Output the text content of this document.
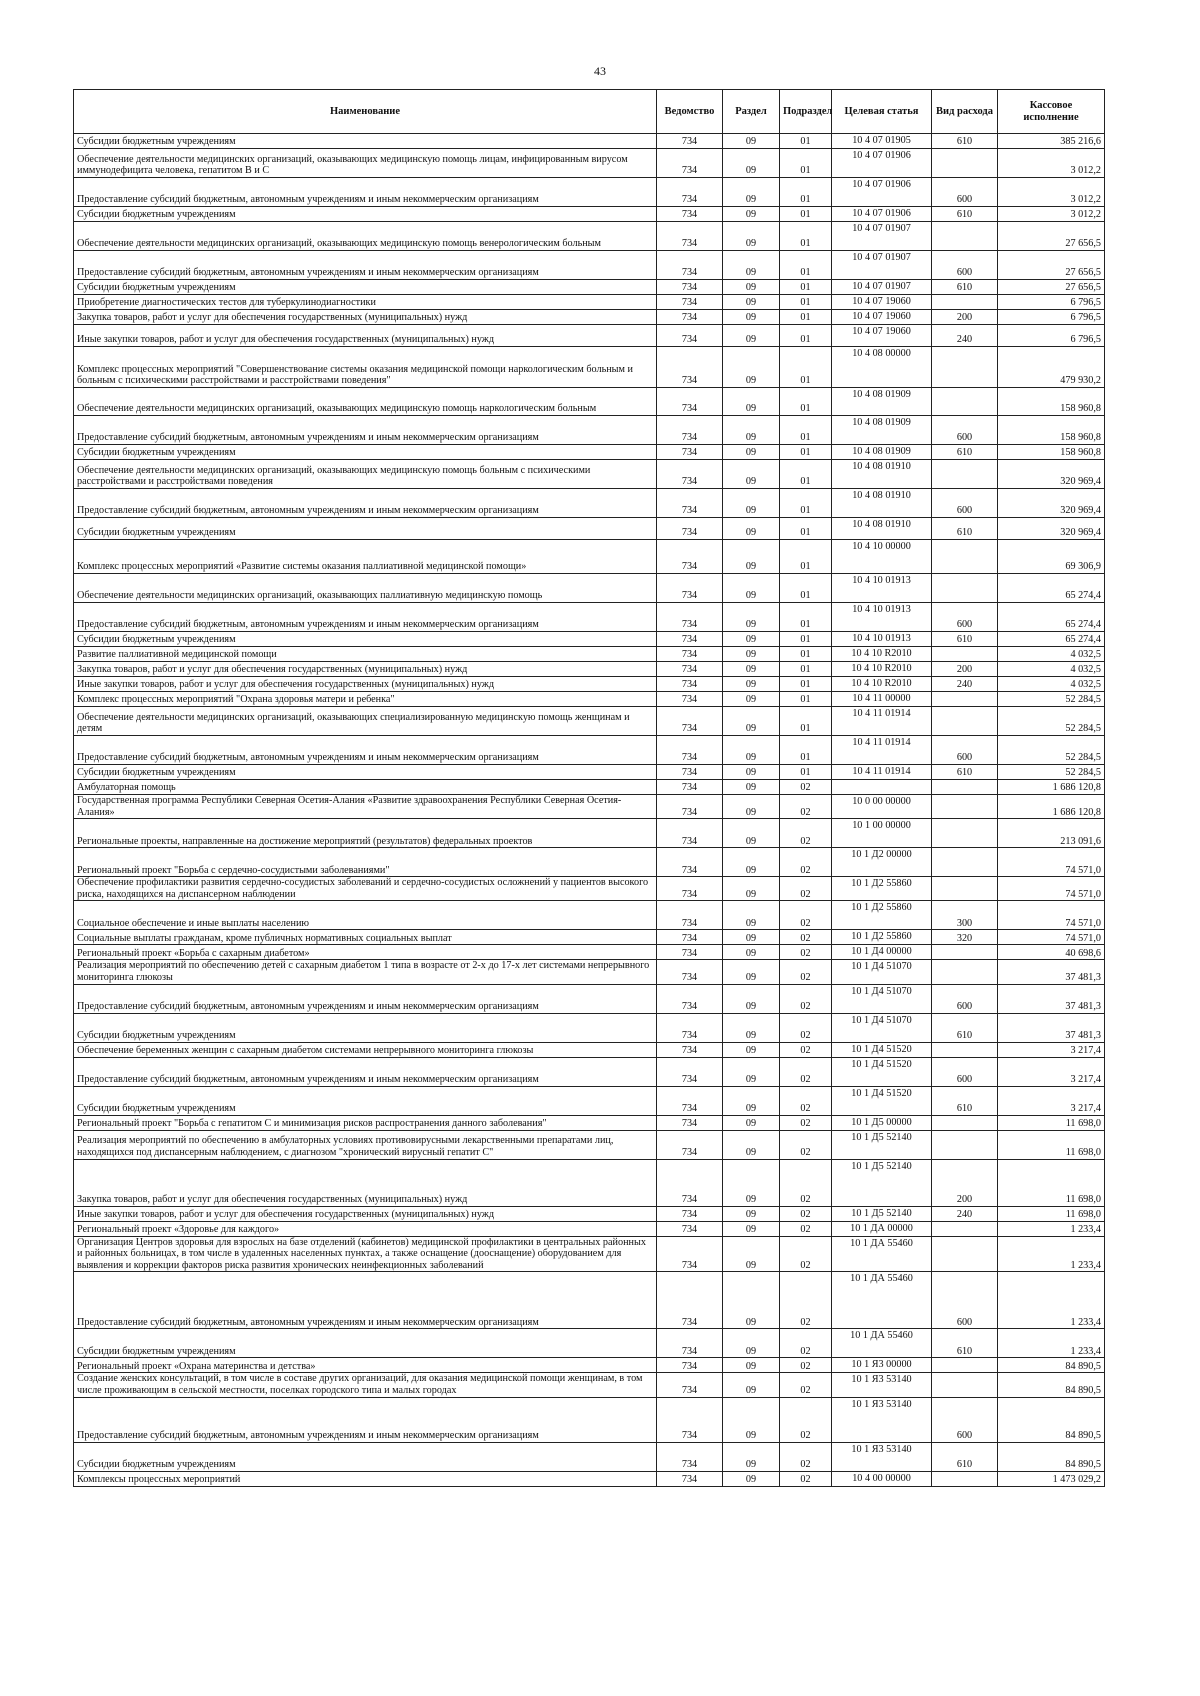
43
Наименование	Ведомство	Раздел	Подраздел	Целевая статья	Вид расхода	Кассовое исполнение
Субсидии бюджетным учреждениям	734	09	01	10 4 07 01905	610	385 216,6
Обеспечение деятельности медицинских организаций, оказывающих медицинскую помощь лицам, инфицированным вирусом иммунодефицита человека, гепатитом В и С	734	09	01	10 4 07 01906		3 012,2
Предоставление субсидий бюджетным, автономным учреждениям и иным некоммерческим организациям	734	09	01	10 4 07 01906	600	3 012,2
Субсидии бюджетным учреждениям	734	09	01	10 4 07 01906	610	3 012,2
Обеспечение деятельности медицинских организаций, оказывающих медицинскую помощь венерологическим больным	734	09	01	10 4 07 01907		27 656,5
Предоставление субсидий бюджетным, автономным учреждениям и иным некоммерческим организациям	734	09	01	10 4 07 01907	600	27 656,5
Субсидии бюджетным учреждениям	734	09	01	10 4 07 01907	610	27 656,5
Приобретение диагностических тестов для туберкулинодиагностики	734	09	01	10 4 07 19060		6 796,5
Закупка товаров, работ и услуг для обеспечения государственных (муниципальных) нужд	734	09	01	10 4 07 19060	200	6 796,5
Иные закупки товаров, работ и услуг для обеспечения государственных (муниципальных) нужд	734	09	01	10 4 07 19060	240	6 796,5
Комплекс процессных мероприятий "Совершенствование системы оказания медицинской помощи наркологическим больным и больным с психическими расстройствами и расстройствами поведения"	734	09	01	10 4 08 00000		479 930,2
Обеспечение деятельности медицинских организаций, оказывающих медицинскую помощь наркологическим больным	734	09	01	10 4 08 01909		158 960,8
Предоставление субсидий бюджетным, автономным учреждениям и иным некоммерческим организациям	734	09	01	10 4 08 01909	600	158 960,8
Субсидии бюджетным учреждениям	734	09	01	10 4 08 01909	610	158 960,8
Обеспечение деятельности медицинских организаций, оказывающих медицинскую помощь больным с психическими расстройствами и расстройствами поведения	734	09	01	10 4 08 01910		320 969,4
Предоставление субсидий бюджетным, автономным учреждениям и иным некоммерческим организациям	734	09	01	10 4 08 01910	600	320 969,4
Субсидии бюджетным учреждениям	734	09	01	10 4 08 01910	610	320 969,4
Комплекс процессных мероприятий «Развитие системы оказания паллиативной медицинской помощи»	734	09	01	10 4 10 00000		69 306,9
Обеспечение деятельности медицинских организаций, оказывающих паллиативную медицинскую помощь	734	09	01	10 4 10 01913		65 274,4
Предоставление субсидий бюджетным, автономным учреждениям и иным некоммерческим организациям	734	09	01	10 4 10 01913	600	65 274,4
Субсидии бюджетным учреждениям	734	09	01	10 4 10 01913	610	65 274,4
Развитие паллиативной медицинской помощи	734	09	01	10 4 10 R2010		4 032,5
Закупка товаров, работ и услуг для обеспечения государственных (муниципальных) нужд	734	09	01	10 4 10 R2010	200	4 032,5
Иные закупки товаров, работ и услуг для обеспечения государственных (муниципальных) нужд	734	09	01	10 4 10 R2010	240	4 032,5
Комплекс процессных мероприятий "Охрана здоровья матери и ребенка"	734	09	01	10 4 11 00000		52 284,5
Обеспечение деятельности медицинских организаций, оказывающих специализированную медицинскую помощь женщинам и детям	734	09	01	10 4 11 01914		52 284,5
Предоставление субсидий бюджетным, автономным учреждениям и иным некоммерческим организациям	734	09	01	10 4 11 01914	600	52 284,5
Субсидии бюджетным учреждениям	734	09	01	10 4 11 01914	610	52 284,5
Амбулаторная помощь	734	09	02			1 686 120,8
Государственная программа Республики Северная Осетия-Алания «Развитие здравоохранения Республики Северная Осетия-Алания»	734	09	02	10 0 00 00000		1 686 120,8
Региональные проекты, направленные на достижение мероприятий (результатов) федеральных проектов	734	09	02	10 1 00 00000		213 091,6
Региональный проект "Борьба с сердечно-сосудистыми заболеваниями"	734	09	02	10 1 Д2 00000		74 571,0
Обеспечение профилактики развития сердечно-сосудистых заболеваний и сердечно-сосудистых осложнений у пациентов высокого риска, находящихся на диспансерном наблюдении	734	09	02	10 1 Д2 55860		74 571,0
Социальное обеспечение и иные выплаты населению	734	09	02	10 1 Д2 55860	300	74 571,0
Социальные выплаты гражданам, кроме публичных нормативных социальных выплат	734	09	02	10 1 Д2 55860	320	74 571,0
Региональный проект «Борьба с сахарным диабетом»	734	09	02	10 1 Д4 00000		40 698,6
Реализация мероприятий по обеспечению детей с сахарным диабетом 1 типа в возрасте от 2-х до 17-х лет системами непрерывного мониторинга глюкозы	734	09	02	10 1 Д4 51070		37 481,3
Предоставление субсидий бюджетным, автономным учреждениям и иным некоммерческим организациям	734	09	02	10 1 Д4 51070	600	37 481,3
Субсидии бюджетным учреждениям	734	09	02	10 1 Д4 51070	610	37 481,3
Обеспечение беременных женщин с сахарным диабетом системами непрерывного мониторинга глюкозы	734	09	02	10 1 Д4 51520		3 217,4
Предоставление субсидий бюджетным, автономным учреждениям и иным некоммерческим организациям	734	09	02	10 1 Д4 51520	600	3 217,4
Субсидии бюджетным учреждениям	734	09	02	10 1 Д4 51520	610	3 217,4
Региональный проект "Борьба с гепатитом С и минимизация рисков распространения данного заболевания"	734	09	02	10 1 Д5 00000		11 698,0
Реализация мероприятий по обеспечению в амбулаторных условиях противовирусными лекарственными препаратами лиц, находящихся под диспансерным наблюдением, с диагнозом "хронический вирусный гепатит С"	734	09	02	10 1 Д5 52140		11 698,0
Закупка товаров, работ и услуг для обеспечения государственных (муниципальных) нужд	734	09	02	10 1 Д5 52140	200	11 698,0
Иные закупки товаров, работ и услуг для обеспечения государственных (муниципальных) нужд	734	09	02	10 1 Д5 52140	240	11 698,0
Региональный проект «Здоровье для каждого»	734	09	02	10 1 ДА 00000		1 233,4
Организация Центров здоровья для взрослых на базе отделений (кабинетов) медицинской профилактики в центральных районных и районных больницах, в том числе в удаленных населенных пунктах, а также оснащение (дооснащение) оборудованием для выявления и коррекции факторов риска развития хронических неинфекционных заболеваний	734	09	02	10 1 ДА 55460		1 233,4
Предоставление субсидий бюджетным, автономным учреждениям и иным некоммерческим организациям	734	09	02	10 1 ДА 55460	600	1 233,4
Субсидии бюджетным учреждениям	734	09	02	10 1 ДА 55460	610	1 233,4
Региональный проект «Охрана материнства и детства»	734	09	02	10 1 Я3 00000		84 890,5
Создание женских консультаций, в том числе в составе других организаций, для оказания медицинской помощи женщинам, в том числе проживающим в сельской местности, поселках городского типа и малых городах	734	09	02	10 1 Я3 53140		84 890,5
Предоставление субсидий бюджетным, автономным учреждениям и иным некоммерческим организациям	734	09	02	10 1 Я3 53140	600	84 890,5
Субсидии бюджетным учреждениям	734	09	02	10 1 Я3 53140	610	84 890,5
Комплексы процессных мероприятий	734	09	02	10 4 00 00000		1 473 029,2
